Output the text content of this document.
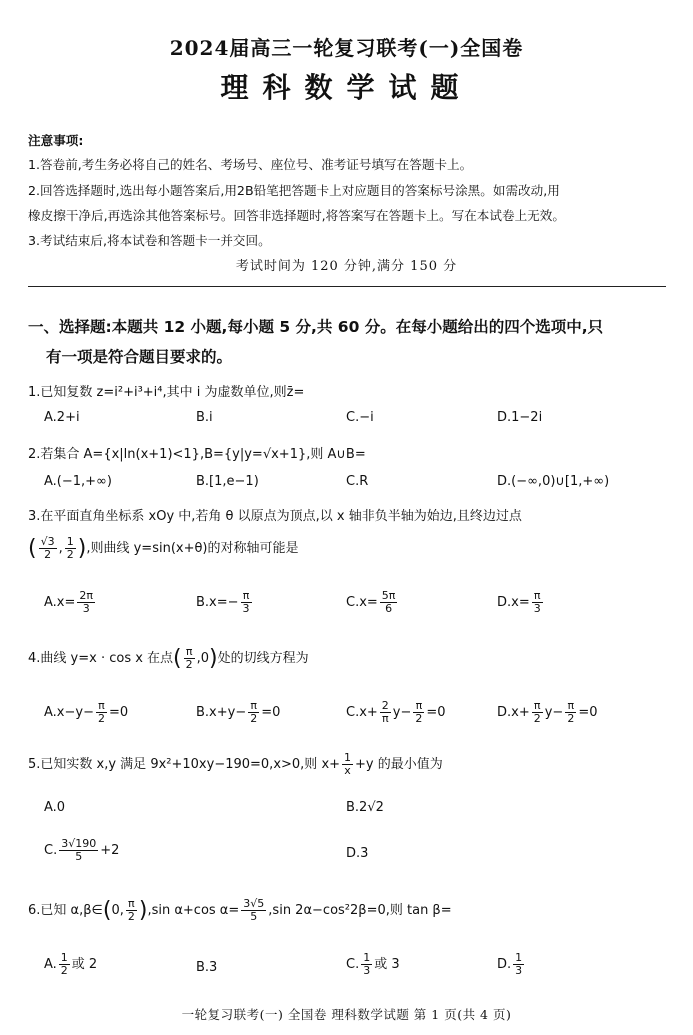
2024届高三一轮复习联考(一)全国卷
理科数学试题
注意事项:
1.答卷前,考生务必将自己的姓名、考场号、座位号、准考证号填写在答题卡上。
2.回答选择题时,选出每小题答案后,用2B铅笔把答题卡上对应题目的答案标号涂黑。如需改动,用
橡皮擦干净后,再选涂其他答案标号。回答非选择题时,将答案写在答题卡上。写在本试卷上无效。
3.考试结束后,将本试卷和答题卡一并交回。
考试时间为 120 分钟,满分 150 分
一、选择题:本题共 12 小题,每小题 5 分,共 60 分。在每小题给出的四个选项中,只
有一项是符合题目要求的。
1.已知复数 z=i²+i³+i⁴,其中 i 为虚数单位,则z̄=
A.2+i	B.i	C.−i	D.1−2i
2.若集合 A={x|ln(x+1)<1},B={y|y=√x+1},则 A∪B=
A.(−1,+∞)	B.[1,e−1)	C.R	D.(−∞,0)∪[1,+∞)
3.在平面直角坐标系 xOy 中,若角 θ 以原点为顶点,以 x 轴非负半轴为始边,且终边过点
( $\frac{√3}{2}$ , $\frac{1}{2}$ ),则曲线 y=sin(x+θ)的对称轴可能是
$A.x= \frac{2\pi}{3}$	$B.x=- \frac{\pi}{3}$	$C.x= \frac{5\pi}{6}$	$D.x= \frac{\pi}{3}$
4.曲线 y=x · cos x 在点( $\frac{\pi}{2} ,0$)处的切线方程为
$A.x-y- \frac{\pi}{2} =0$	$B.x+y- \frac{\pi}{2} =0$	$C.x+ \frac{2}{\pi} y- \frac{\pi}{2} =0$	$D.x+ \frac{\pi}{2} y- \frac{\pi}{2} =0$
5.已知实数 x,y 满足 9x²+10xy−190=0,x>0,则 $x+ \frac{1}{x} +y$ 的最小值为
A.0	B.2√2
C. $\frac{3√190}{5} +2$	D.3
6.已知 α,β∈(0, $\frac{\pi}{2} ),\sin$ α+cos $\alpha= \frac{3√5}{5} ,\sin$ 2α−cos²2β=0,则 tan β=
A. $\frac{1}{2}$ 或 2	B.3	C. $\frac{1}{3}$ 或 3	D. $\frac{1}{3}$
一轮复习联考(一) 全国卷 理科数学试题 第 1 页(共 4 页)
